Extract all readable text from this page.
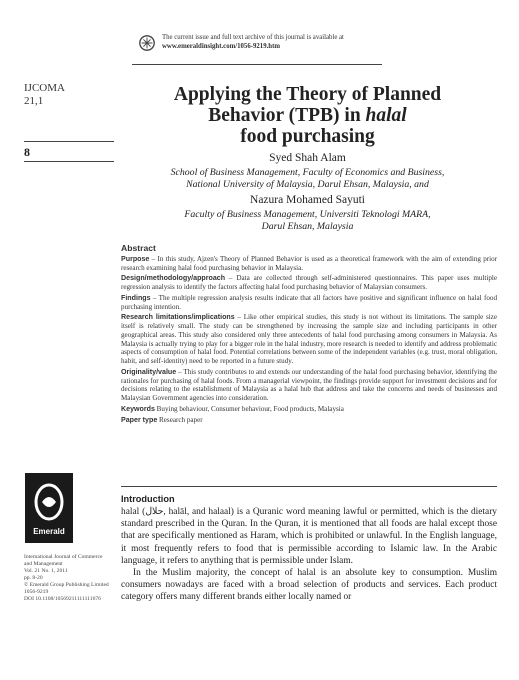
The current issue and full text archive of this journal is available at
www.emeraldinsight.com/1056-9219.htm
IJCOMA
21,1
8
Applying the Theory of Planned
Behavior (TPB) in halal
food purchasing
Syed Shah Alam
School of Business Management, Faculty of Economics and Business,
National University of Malaysia, Darul Ehsan, Malaysia, and
Nazura Mohamed Sayuti
Faculty of Business Management, Universiti Teknologi MARA,
Darul Ehsan, Malaysia
Abstract

Purpose – In this study, Ajzen's Theory of Planned Behavior is used as a theoretical framework with the aim of extending prior research examining halal food purchasing behavior in Malaysia.

Design/methodology/approach – Data are collected through self-administered questionnaires. This paper uses multiple regression analysis to identify the factors affecting halal food purchasing behavior of Malaysian consumers.

Findings – The multiple regression analysis results indicate that all factors have positive and significant influence on halal food purchasing intention.

Research limitations/implications – Like other empirical studies, this study is not without its limitations. The sample size itself is relatively small. The study can be strengthened by increasing the sample size and including participants in other geographical areas. This study also considered only three antecedents of halal food purchasing among consumers in Malaysia. As Malaysia is actually trying to play for a bigger role in the halal industry, more research is needed to identify and address problematic aspects of consumption of halal food. Potential correlations between some of the independent variables (e.g. trust, moral obligation, habit, and self-identity) need to be reported in a future study.

Originality/value – This study contributes to and extends our understanding of the halal food purchasing behavior, identifying the rationales for purchasing of halal foods. From a managerial viewpoint, the findings provide support for investment decisions and for decisions relating to the establishment of Malaysia as a halal hub that address and take the concerns and needs of businesses and Malaysian Government agencies into consideration.

Keywords Buying behaviour, Consumer behaviour, Food products, Malaysia

Paper type Research paper

Emerald
International Journal of Commerce
and Management
Vol. 21 No. 1, 2011
pp. 8-20
© Emerald Group Publishing Limited
1056-9219
DOI 10.1108/10569211111111676
Introduction

halal (حلال, halāl, and halaal) is a Quranic word meaning lawful or permitted, which is the dietary standard prescribed in the Quran. In the Quran, it is mentioned that all foods are halal except those that are specifically mentioned as Haram, which is prohibited or unlawful. In the English language, it most frequently refers to food that is permissible according to Islamic law. In the Arabic language, it refers to anything that is permissible under Islam.

In the Muslim majority, the concept of halal is an absolute key to consumption. Muslim consumers nowadays are faced with a broad selection of products and services. Each product category offers many different brands either locally named or
